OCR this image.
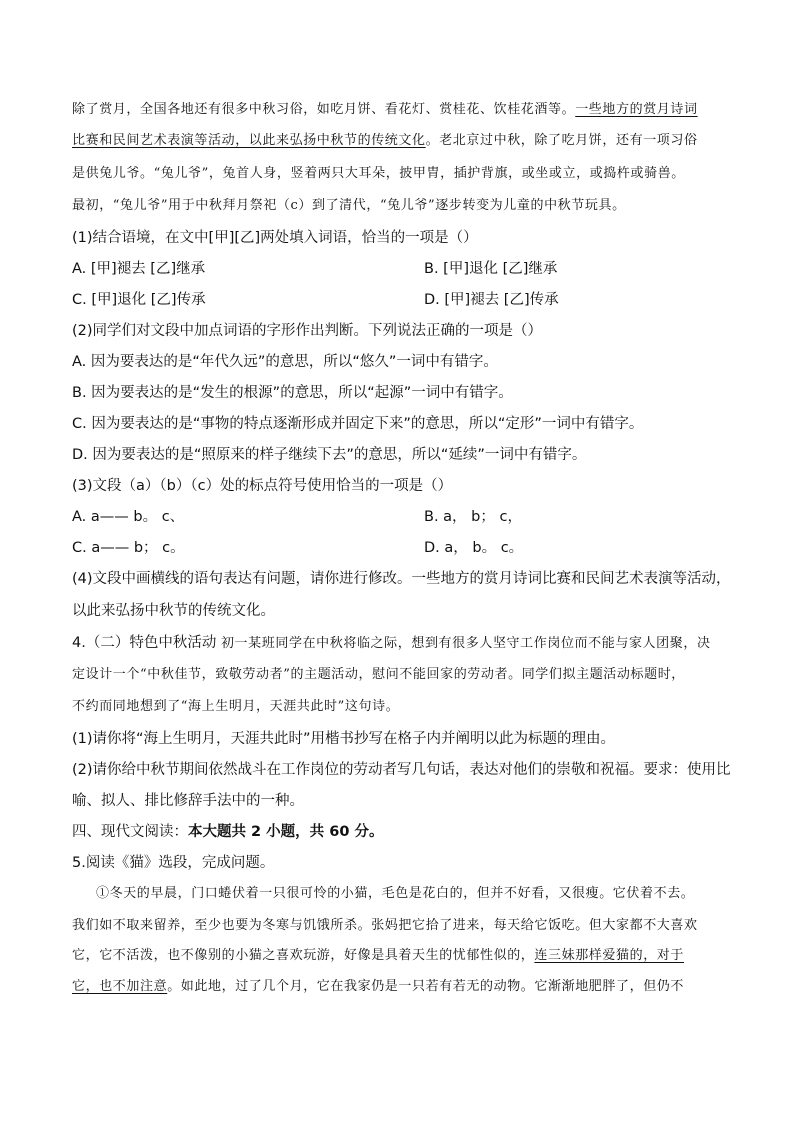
除了赏月，全国各地还有很多中秋习俗，如吃月饼、看花灯、赏桂花、饮桂花酒等。一些地方的赏月诗词
比赛和民间艺术表演等活动，以此来弘扬中秋节的传统文化。老北京过中秋，除了吃月饼，还有一项习俗
是供兔儿爷。“兔儿爷”，兔首人身，竖着两只大耳朵，披甲胄，插护背旗，或坐或立，或捣杵或骑兽。
最初，“兔儿爷”用于中秋拜月祭祀（c）到了清代，“兔儿爷”逐步转变为儿童的中秋节玩具。
(1)结合语境，在文中[甲][乙]两处填入词语，恰当的一项是（）
A. [甲]褪去 [乙]继承	B. [甲]退化 [乙]继承
C. [甲]退化 [乙]传承	D. [甲]褪去 [乙]传承
(2)同学们对文段中加点词语的字形作出判断。下列说法正确的一项是（）
A. 因为要表达的是“年代久远”的意思，所以“悠久”一词中有错字。
B. 因为要表达的是“发生的根源”的意思，所以“起源”一词中有错字。
C. 因为要表达的是“事物的特点逐渐形成并固定下来”的意思，所以“定形”一词中有错字。
D. 因为要表达的是“照原来的样子继续下去”的意思，所以“延续”一词中有错字。
(3)文段（a）（b）（c）处的标点符号使用恰当的一项是（）
A. a—— b。 c、	B. a， b； c，
C. a—— b； c。	D. a， b。 c。
(4)文段中画横线的语句表达有问题，请你进行修改。一些地方的赏月诗词比赛和民间艺术表演等活动，
以此来弘扬中秋节的传统文化。
4.（二）特色中秋活动 初一某班同学在中秋将临之际，想到有很多人坚守工作岗位而不能与家人团聚，决
定设计一个“中秋佳节，致敬劳动者”的主题活动，慰问不能回家的劳动者。同学们拟主题活动标题时，
不约而同地想到了“海上生明月，天涯共此时”这句诗。
(1)请你将“海上生明月，天涯共此时”用楷书抄写在格子内并阐明以此为标题的理由。
(2)请你给中秋节期间依然战斗在工作岗位的劳动者写几句话，表达对他们的崇敬和祝福。要求：使用比
喻、拟人、排比修辞手法中的一种。
四、现代文阅读：本大题共 2 小题，共 60 分。
5.阅读《猫》选段，完成问题。
①冬天的早晨，门口蜷伏着一只很可怜的小猫，毛色是花白的，但并不好看，又很瘦。它伏着不去。
我们如不取来留养，至少也要为冬寒与饥饿所杀。张妈把它拾了进来，每天给它饭吃。但大家都不大喜欢
它，它不活泼，也不像别的小猫之喜欢玩游，好像是具着天生的忧郁性似的，连三妹那样爱猫的，对于
它，也不加注意。如此地，过了几个月，它在我家仍是一只若有若无的动物。它渐渐地肥胖了，但仍不
